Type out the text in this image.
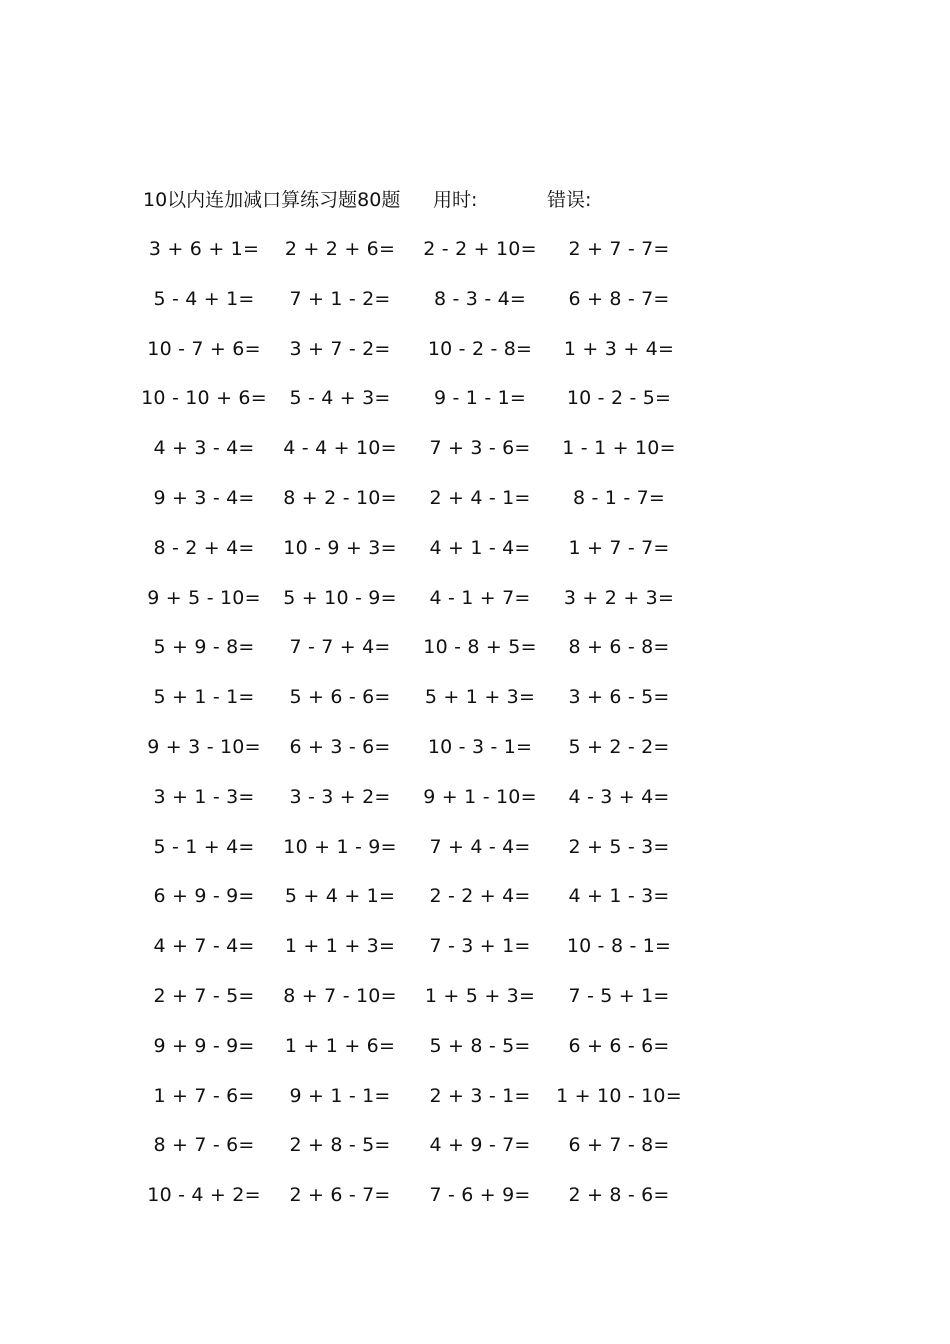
10以内连加减口算练习题80题 用时:	错误:
3 + 6 + 1=	2 + 2 + 6=	2 - 2 + 10=	2 + 7 - 7=
5 - 4 + 1=	7 + 1 - 2=	8 - 3 - 4=	6 + 8 - 7=
10 - 7 + 6=	3 + 7 - 2=	10 - 2 - 8=	1 + 3 + 4=
10 - 10 + 6=	5 - 4 + 3=	9 - 1 - 1=	10 - 2 - 5=
4 + 3 - 4=	4 - 4 + 10=	7 + 3 - 6=	1 - 1 + 10=
9 + 3 - 4=	8 + 2 - 10=	2 + 4 - 1=	8 - 1 - 7=
8 - 2 + 4=	10 - 9 + 3=	4 + 1 - 4=	1 + 7 - 7=
9 + 5 - 10=	5 + 10 - 9=	4 - 1 + 7=	3 + 2 + 3=
5 + 9 - 8=	7 - 7 + 4=	10 - 8 + 5=	8 + 6 - 8=
5 + 1 - 1=	5 + 6 - 6=	5 + 1 + 3=	3 + 6 - 5=
9 + 3 - 10=	6 + 3 - 6=	10 - 3 - 1=	5 + 2 - 2=
3 + 1 - 3=	3 - 3 + 2=	9 + 1 - 10=	4 - 3 + 4=
5 - 1 + 4=	10 + 1 - 9=	7 + 4 - 4=	2 + 5 - 3=
6 + 9 - 9=	5 + 4 + 1=	2 - 2 + 4=	4 + 1 - 3=
4 + 7 - 4=	1 + 1 + 3=	7 - 3 + 1=	10 - 8 - 1=
2 + 7 - 5=	8 + 7 - 10=	1 + 5 + 3=	7 - 5 + 1=
9 + 9 - 9=	1 + 1 + 6=	5 + 8 - 5=	6 + 6 - 6=
1 + 7 - 6=	9 + 1 - 1=	2 + 3 - 1=	1 + 10 - 10=
8 + 7 - 6=	2 + 8 - 5=	4 + 9 - 7=	6 + 7 - 8=
10 - 4 + 2=	2 + 6 - 7=	7 - 6 + 9=	2 + 8 - 6=
